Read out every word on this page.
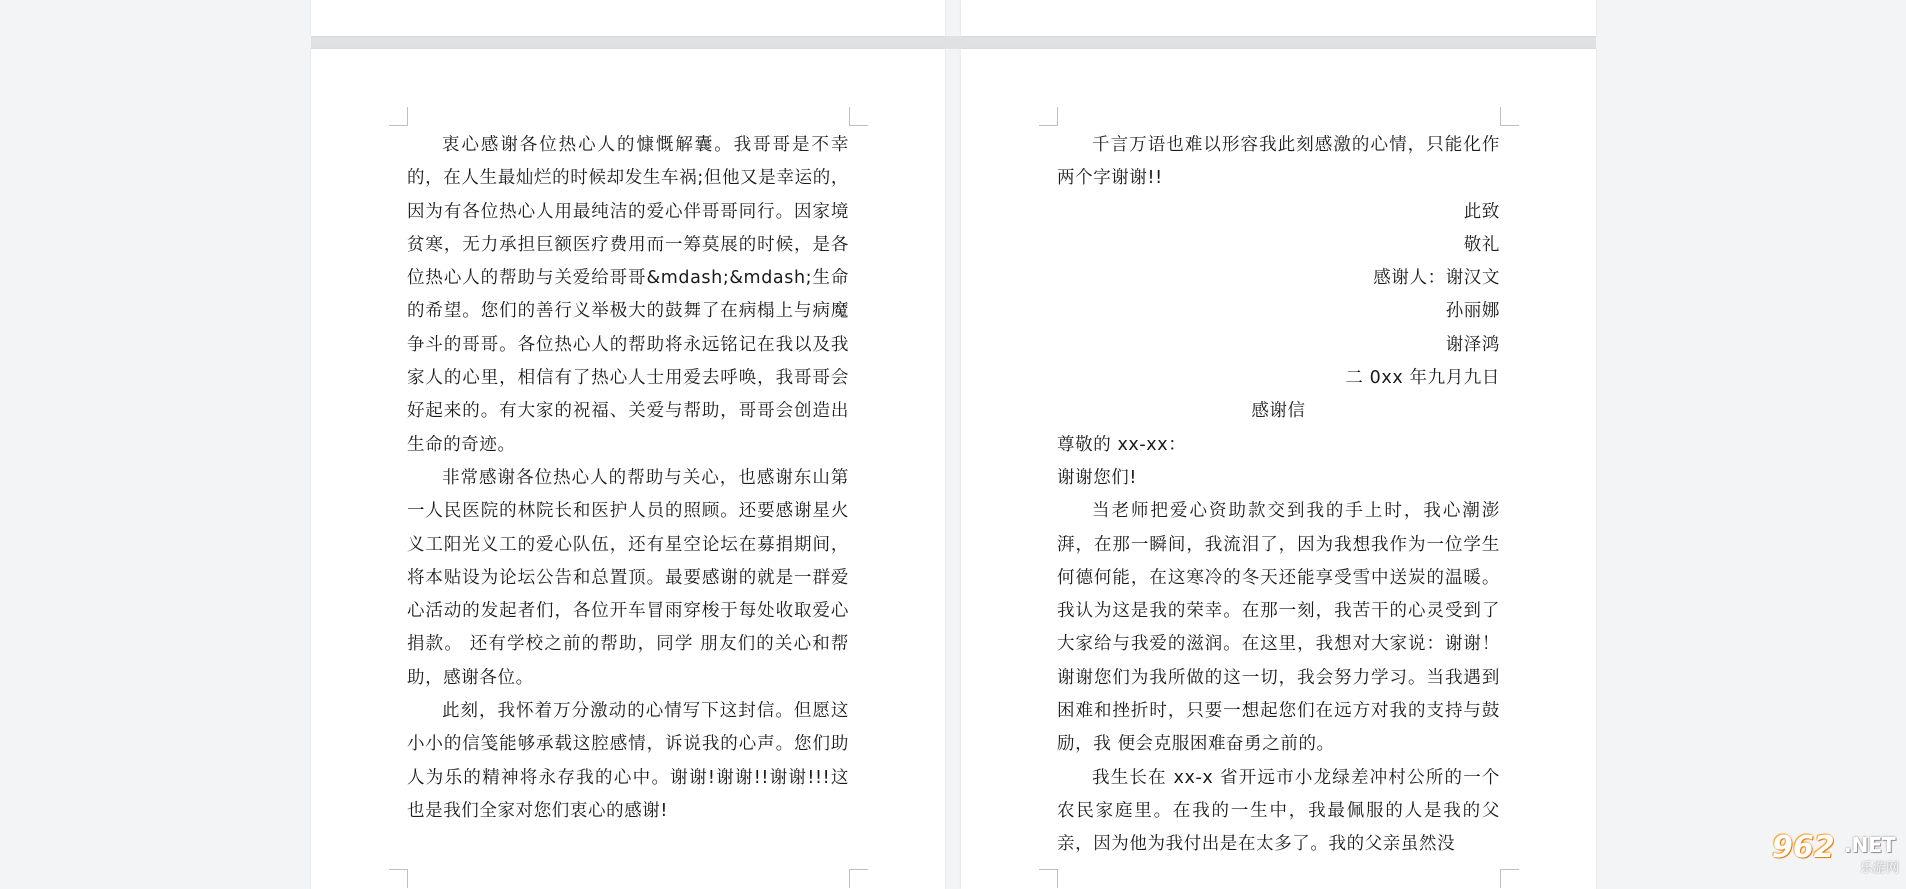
衷心感谢各位热心人的慷慨解囊。我哥哥是不幸的，在人生最灿烂的时候却发生车祸;但他又是幸运的，因为有各位热心人用最纯洁的爱心伴哥哥同行。因家境贫寒，无力承担巨额医疗费用而一筹莫展的时候，是各位热心人的帮助与关爱给哥哥&mdash;&mdash;生命的希望。您们的善行义举极大的鼓舞了在病榻上与病魔争斗的哥哥。各位热心人的帮助将永远铭记在我以及我家人的心里，相信有了热心人士用爱去呼唤，我哥哥会好起来的。有大家的祝福、关爱与帮助，哥哥会创造出生命的奇迹。

非常感谢各位热心人的帮助与关心，也感谢东山第一人民医院的林院长和医护人员的照顾。还要感谢星火义工阳光义工的爱心队伍，还有星空论坛在募捐期间，将本贴设为论坛公告和总置顶。最要感谢的就是一群爱心活动的发起者们，各位开车冒雨穿梭于每处收取爱心捐款。 还有学校之前的帮助，同学 朋友们的关心和帮助，感谢各位。

此刻，我怀着万分激动的心情写下这封信。但愿这小小的信笺能够承载这腔感情，诉说我的心声。您们助人为乐的精神将永存我的心中。谢谢!谢谢!!谢谢!!!这也是我们全家对您们衷心的感谢!

千言万语也难以形容我此刻感激的心情，只能化作两个字谢谢!!

此致

敬礼

感谢人：谢汉文

孙丽娜

谢泽鸿

二 0xx 年九月九日

感谢信

尊敬的 xx-xx：

谢谢您们!

当老师把爱心资助款交到我的手上时，我心潮澎湃，在那一瞬间，我流泪了，因为我想我作为一位学生何德何能，在这寒冷的冬天还能享受雪中送炭的温暖。我认为这是我的荣幸。在那一刻，我苦干的心灵受到了大家给与我爱的滋润。在这里，我想对大家说：谢谢！谢谢您们为我所做的这一切，我会努力学习。当我遇到困难和挫折时，只要一想起您们在远方对我的支持与鼓励，我 便会克服困难奋勇之前的。

我生长在 xx-x 省开远市小龙绿差冲村公所的一个农民家庭里。在我的一生中，我最佩服的人是我的父亲，因为他为我付出是在太多了。我的父亲虽然没	962 .NET
乐游网
